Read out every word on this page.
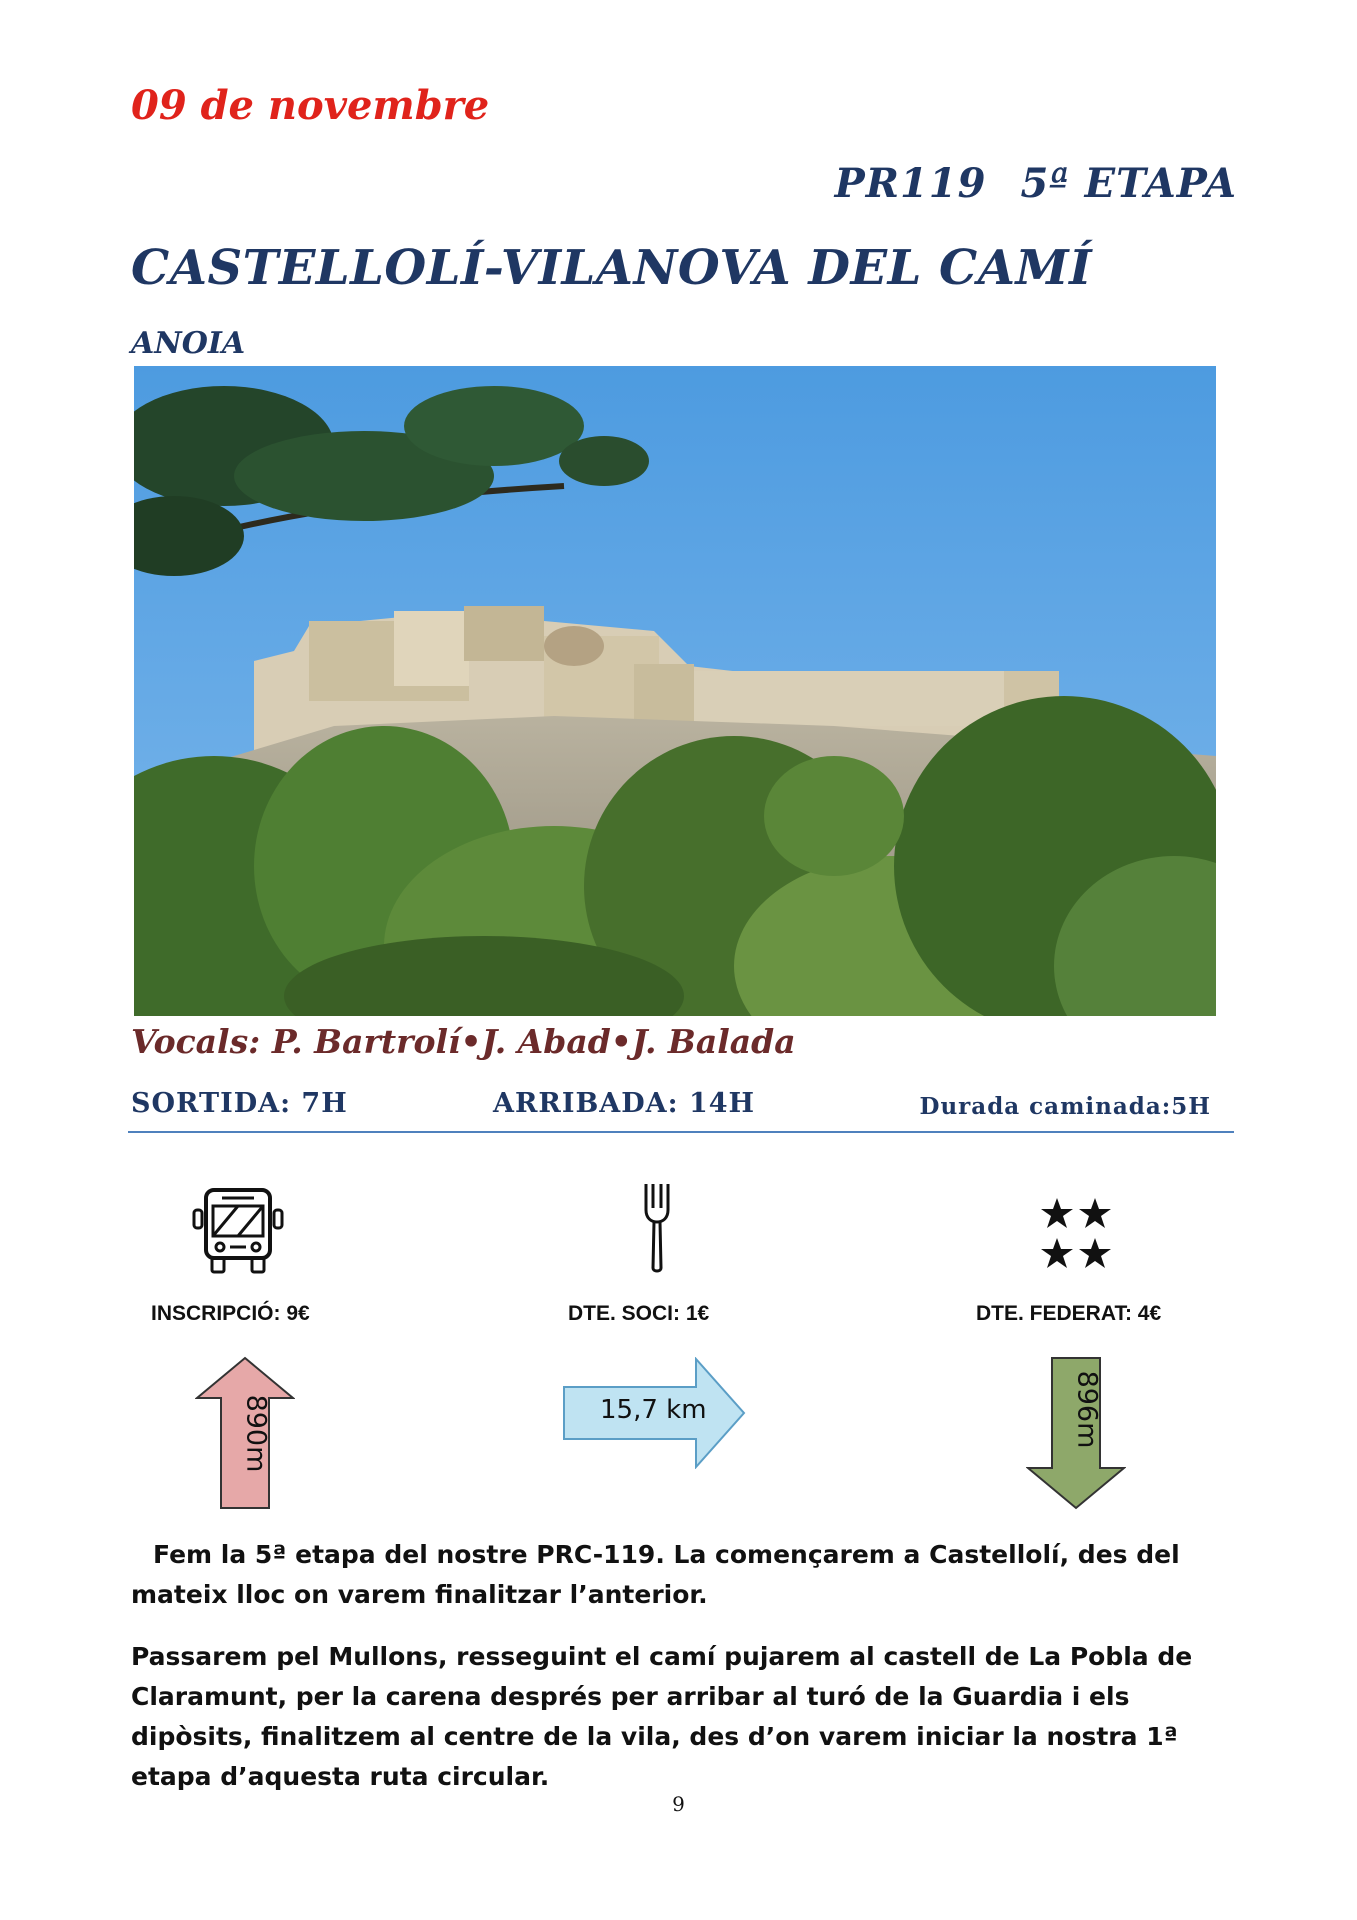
09 de novembre
PR119 5ª ETAPA
CASTELLOLÍ-VILANOVA DEL CAMÍ
ANOIA
Vocals: P. Bartrolí•J. Abad•J. Balada
SORTIDA: 7H	ARRIBADA: 14H	Durada caminada:5H
INSCRIPCIÓ: 9€	DTE. SOCI: 1€	DTE. FEDERAT: 4€
890m	15,7 km	896m
Fem la 5ª etapa del nostre PRC-119. La començarem a Castellolí, des del mateix lloc on varem finalitzar l’anterior.
Passarem pel Mullons, resseguint el camí pujarem al castell de La Pobla de Claramunt, per la carena després per arribar al turó de la Guardia i els dipòsits, finalitzem al centre de la vila, des d’on varem iniciar la nostra 1ª etapa d’aquesta ruta circular.
9
